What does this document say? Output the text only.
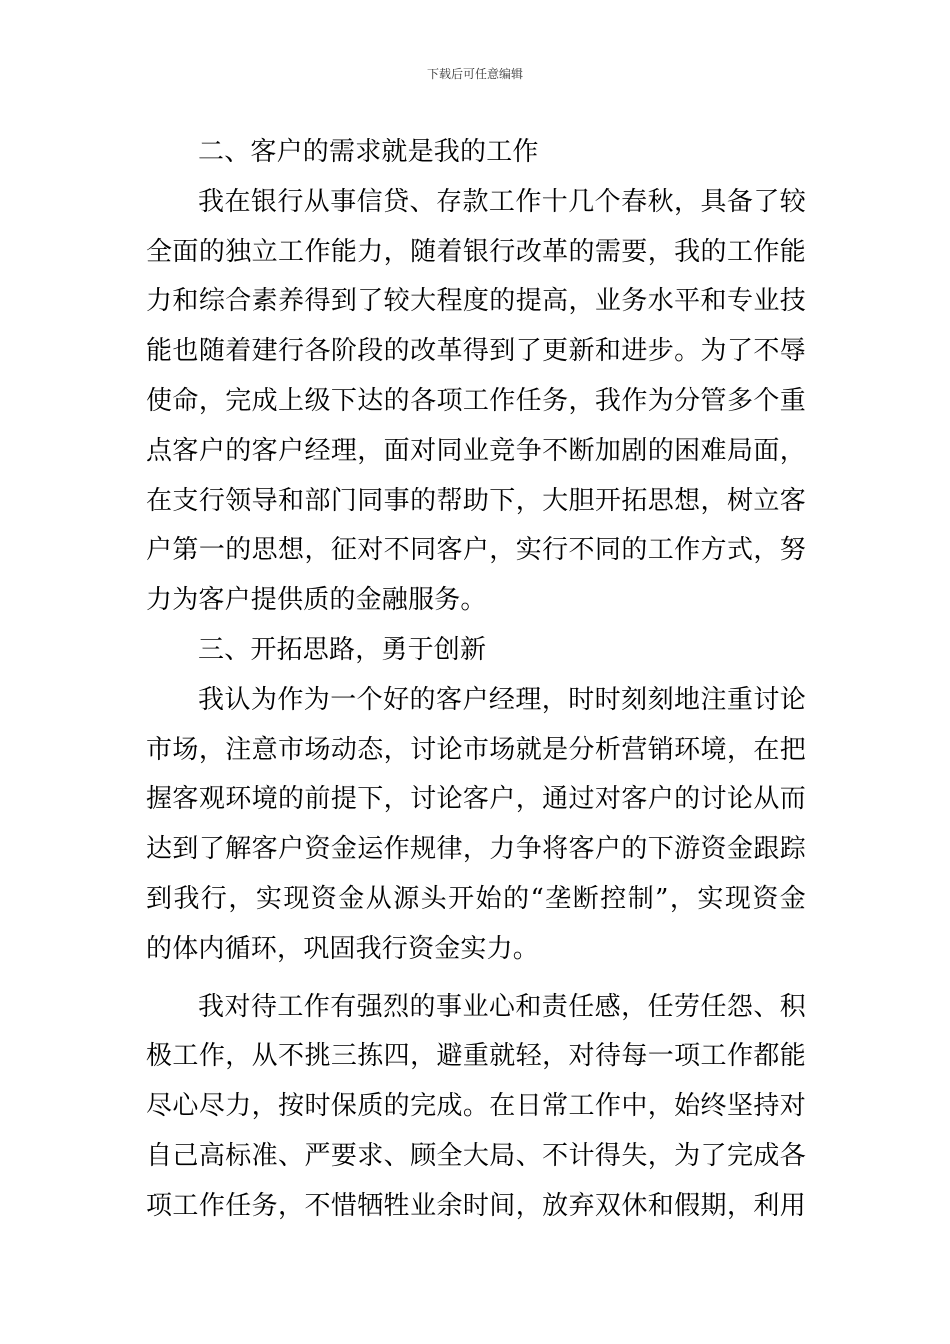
下载后可任意编辑
二、客户的需求就是我的工作
我在银行从事信贷、存款工作十几个春秋，具备了较
全面的独立工作能力，随着银行改革的需要，我的工作能
力和综合素养得到了较大程度的提高，业务水平和专业技
能也随着建行各阶段的改革得到了更新和进步。为了不辱
使命，完成上级下达的各项工作任务，我作为分管多个重
点客户的客户经理，面对同业竞争不断加剧的困难局面，
在支行领导和部门同事的帮助下，大胆开拓思想，树立客
户第一的思想，征对不同客户，实行不同的工作方式，努
力为客户提供质的金融服务。
三、开拓思路，勇于创新
我认为作为一个好的客户经理，时时刻刻地注重讨论
市场，注意市场动态，讨论市场就是分析营销环境，在把
握客观环境的前提下，讨论客户，通过对客户的讨论从而
达到了解客户资金运作规律，力争将客户的下游资金跟踪
到我行，实现资金从源头开始的“垄断控制”，实现资金
的体内循环，巩固我行资金实力。
我对待工作有强烈的事业心和责任感，任劳任怨、积
极工作，从不挑三拣四，避重就轻，对待每一项工作都能
尽心尽力，按时保质的完成。在日常工作中，始终坚持对
自己高标准、严要求、顾全大局、不计得失，为了完成各
项工作任务，不惜牺牲业余时间，放弃双休和假期，利用
